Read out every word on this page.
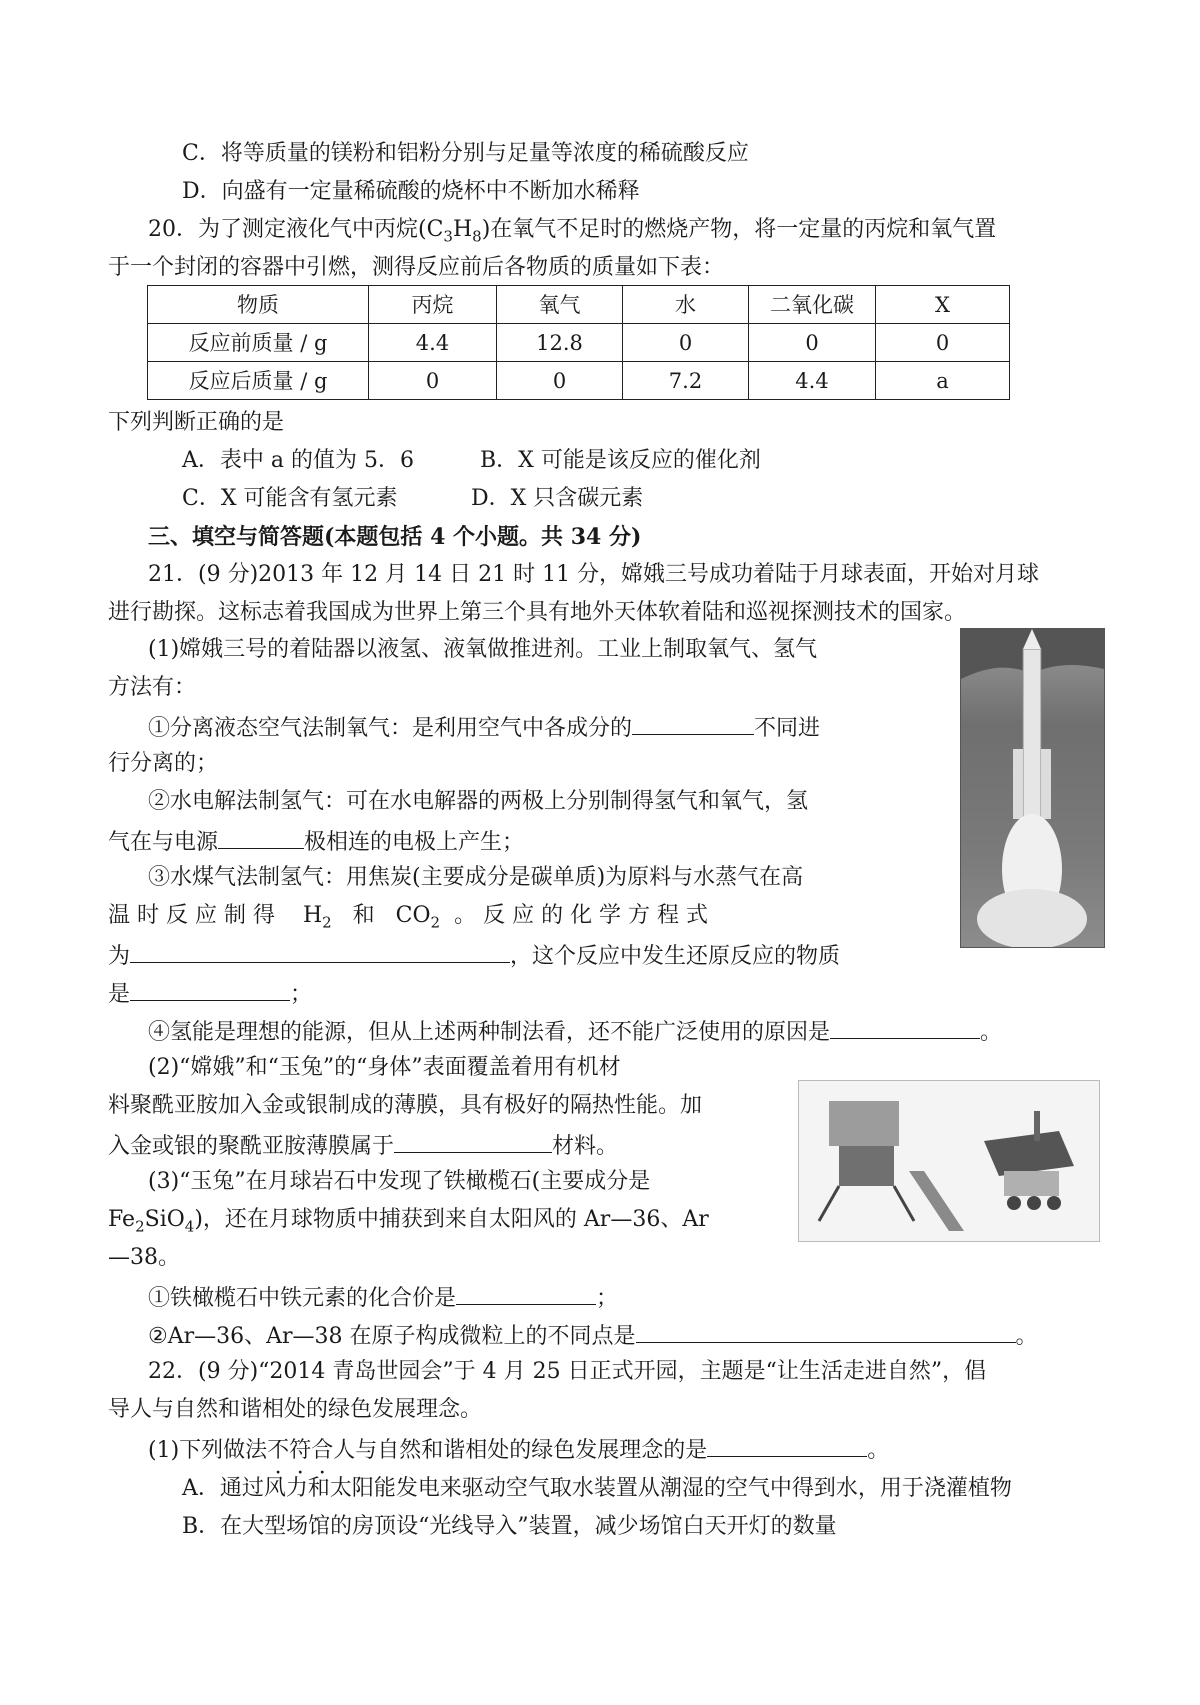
C．将等质量的镁粉和铝粉分别与足量等浓度的稀硫酸反应
D．向盛有一定量稀硫酸的烧杯中不断加水稀释
20．为了测定液化气中丙烷$(C_3H_8)$在氧气不足时的燃烧产物，将一定量的丙烷和氧气置
于一个封闭的容器中引燃，测得反应前后各物质的质量如下表：
物质	丙烷	氧气	水	二氧化碳	X
反应前质量 / g	4.4	12.8	0	0	0
反应后质量 / g	0	0	7.2	4.4	a
下列判断正确的是
A．表中 a 的值为 5．6	B．X 可能是该反应的催化剂
C．X 可能含有氢元素	D．X 只含碳元素
三、填空与简答题(本题包括 4 个小题。共 34 分)
21．(9 分)2013 年 12 月 14 日 21 时 11 分，嫦娥三号成功着陆于月球表面，开始对月球
进行勘探。这标志着我国成为世界上第三个具有地外天体软着陆和巡视探测技术的国家。
(1)嫦娥三号的着陆器以液氢、液氧做推进剂。工业上制取氧气、氢气
方法有：
①分离液态空气法制氧气：是利用空气中各成分的	不同进
行分离的；
②水电解法制氢气：可在水电解器的两极上分别制得氢气和氧气，氢
气在与电源	极相连的电极上产生；
③水煤气法制氢气：用焦炭(主要成分是碳单质)为原料与水蒸气在高
温 时 反 应 制 得 $H_2$ 和 $CO_2$ 。 反 应 的 化 学 方 程 式
为	，这个反应中发生还原反应的物质
是	；
④氢能是理想的能源，但从上述两种制法看，还不能广泛使用的原因是	。
(2)“嫦娥”和“玉兔”的“身体”表面覆盖着用有机材
料聚酰亚胺加入金或银制成的薄膜，具有极好的隔热性能。加
入金或银的聚酰亚胺薄膜属于	材料。
(3)“玉兔”在月球岩石中发现了铁橄榄石(主要成分是
$Fe_2SiO_4$)，还在月球物质中捕获到来自太阳风的 Ar—36、Ar
—38。
①铁橄榄石中铁元素的化合价是	；
②Ar—36、Ar—38 在原子构成微粒上的不同点是	。
22．(9 分)“2014 青岛世园会”于 4 月 25 日正式开园，主题是“让生活走进自然”，倡
导人与自然和谐相处的绿色发展理念。
(1)下列做法不符合人与自然和谐相处的绿色发展理念的是	。
A．通过风力和太阳能发电来驱动空气取水装置从潮湿的空气中得到水，用于浇灌植物
B．在大型场馆的房顶设“光线导入”装置，减少场馆白天开灯的数量
